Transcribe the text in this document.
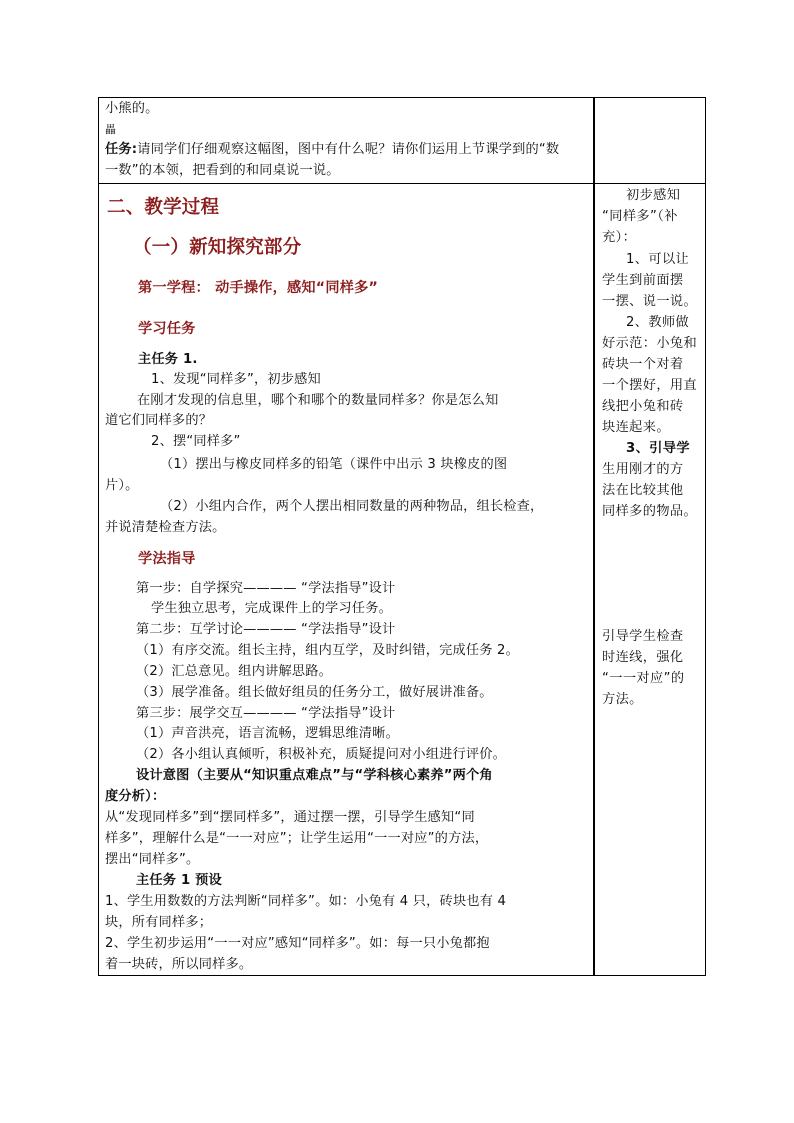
小熊的。
畾
任务:请同学们仔细观察这幅图，图中有什么呢？请你们运用上节课学到的“数
一数”的本领，把看到的和同桌说一说。
二、教学过程
（一）新知探究部分
第一学程： 动手操作，感知“同样多”
学习任务
主任务 1.
1、发现“同样多”，初步感知
在刚才发现的信息里，哪个和哪个的数量同样多？你是怎么知
道它们同样多的？
2、摆“同样多”
（1）摆出与橡皮同样多的铅笔（课件中出示 3 块橡皮的图
片）。
（2）小组内合作，两个人摆出相同数量的两种物品，组长检查，
并说清楚检查方法。
学法指导
第一步：自学探究———— “学法指导”设计
学生独立思考，完成课件上的学习任务。
第二步：互学讨论———— “学法指导”设计
（1）有序交流。组长主持，组内互学，及时纠错，完成任务 2。
（2）汇总意见。组内讲解思路。
（3）展学准备。组长做好组员的任务分工，做好展讲准备。
第三步：展学交互———— “学法指导”设计
（1）声音洪亮，语言流畅，逻辑思维清晰。
（2）各小组认真倾听，积极补充，质疑提问对小组进行评价。
设计意图（主要从“知识重点难点”与“学科核心素养”两个角
度分析）：
从“发现同样多”到“摆同样多”，通过摆一摆，引导学生感知“同
样多”，理解什么是“一一对应”；让学生运用“一一对应”的方法，
摆出“同样多”。
主任务 1 预设
1、学生用数数的方法判断“同样多”。如：小兔有 4 只，砖块也有 4
块，所有同样多；
2、学生初步运用“一一对应”感知“同样多”。如：每一只小兔都抱
着一块砖，所以同样多。
初步感知
“同样多”（补
充）：
1、可以让
学生到前面摆
一摆、说一说。
2、教师做
好示范：小兔和
砖块一个对着
一个摆好，用直
线把小兔和砖
块连起来。
3、引导学
生用刚才的方
法在比较其他
同样多的物品。
引导学生检查
时连线，强化
“一一对应”的
方法。
